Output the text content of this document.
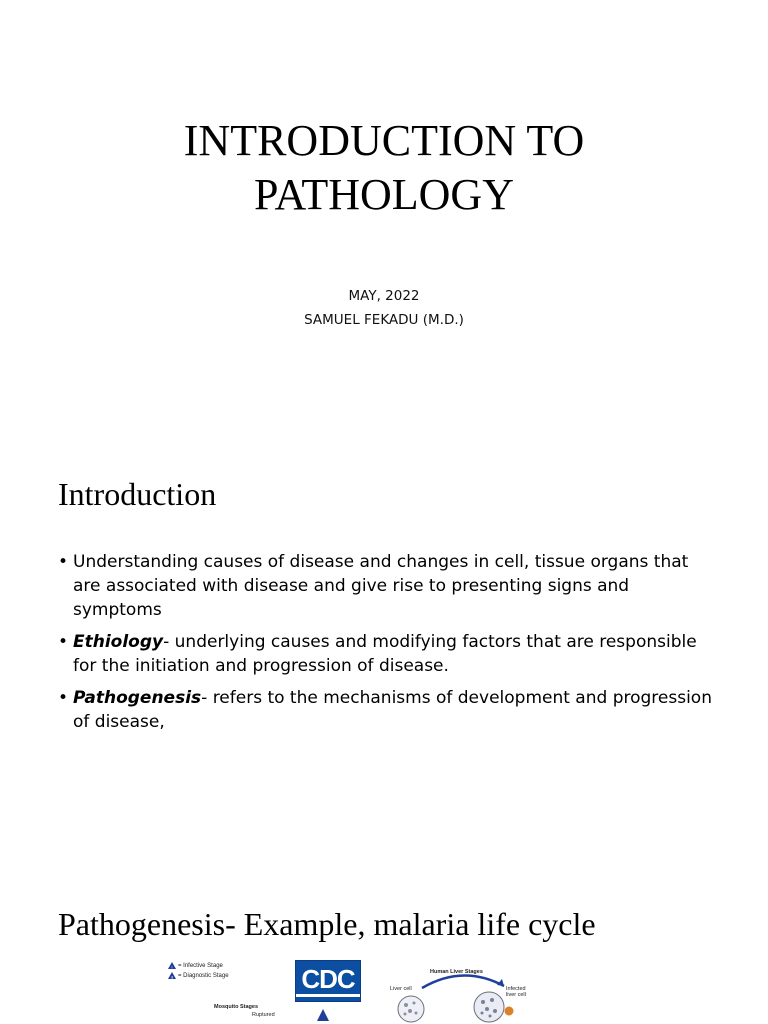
INTRODUCTION TO
PATHOLOGY
MAY, 2022
SAMUEL FEKADU (M.D.)
Introduction
• Understanding causes of disease and changes in cell, tissue organs that are associated with disease and give rise to presenting signs and symptoms
• Ethiology- underlying causes and modifying factors that are responsible for the initiation and progression of disease.
• Pathogenesis- refers to the mechanisms of development and progression of disease,
Pathogenesis- Example, malaria life cycle
i = Infective Stage
d = Diagnostic Stage	CDC
Mosquito Stages
Ruptured
Human Liver Stages
Liver cell	Infected liver cell
